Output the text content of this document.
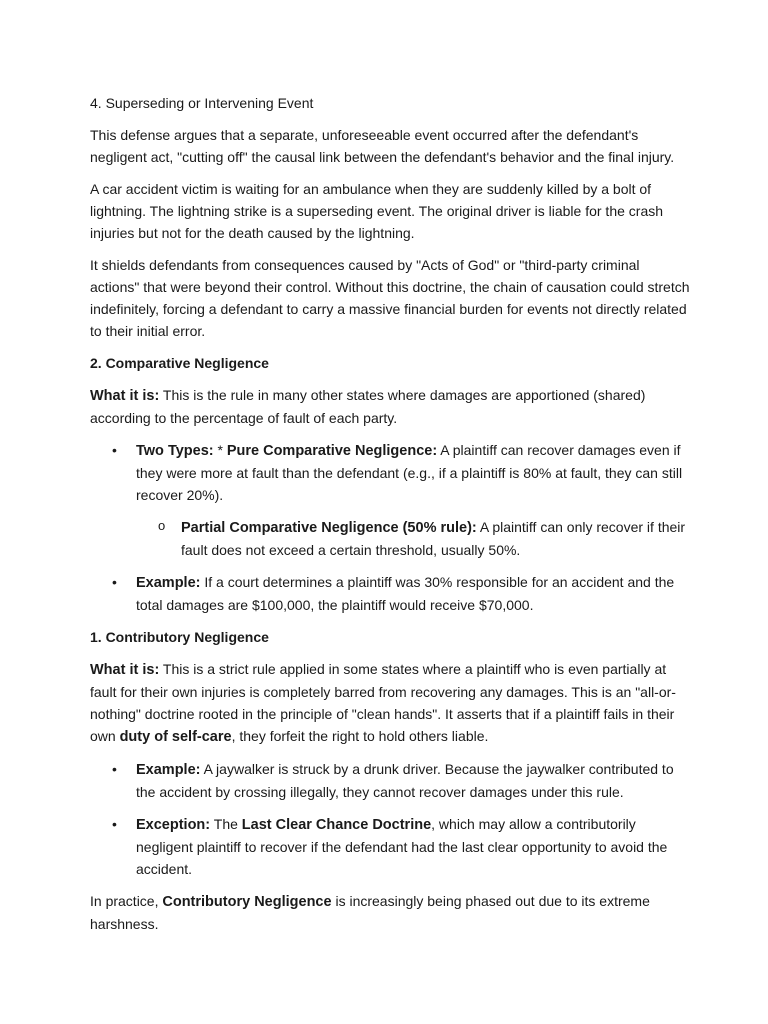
4. Superseding or Intervening Event

This defense argues that a separate, unforeseeable event occurred after the defendant's negligent act, "cutting off" the causal link between the defendant's behavior and the final injury.

A car accident victim is waiting for an ambulance when they are suddenly killed by a bolt of lightning. The lightning strike is a superseding event. The original driver is liable for the crash injuries but not for the death caused by the lightning.

It shields defendants from consequences caused by "Acts of God" or "third-party criminal actions" that were beyond their control. Without this doctrine, the chain of causation could stretch indefinitely, forcing a defendant to carry a massive financial burden for events not directly related to their initial error.

2. Comparative Negligence

What it is: This is the rule in many other states where damages are apportioned (shared) according to the percentage of fault of each party.

• Two Types: * Pure Comparative Negligence: A plaintiff can recover damages even if they were more at fault than the defendant (e.g., if a plaintiff is 80% at fault, they can still recover 20%).
o Partial Comparative Negligence (50% rule): A plaintiff can only recover if their fault does not exceed a certain threshold, usually 50%.
• Example: If a court determines a plaintiff was 30% responsible for an accident and the total damages are $100,000, the plaintiff would receive $70,000.

1. Contributory Negligence

What it is: This is a strict rule applied in some states where a plaintiff who is even partially at fault for their own injuries is completely barred from recovering any damages. This is an "all-or-nothing" doctrine rooted in the principle of "clean hands". It asserts that if a plaintiff fails in their own duty of self-care, they forfeit the right to hold others liable.

• Example: A jaywalker is struck by a drunk driver. Because the jaywalker contributed to the accident by crossing illegally, they cannot recover damages under this rule.
• Exception: The Last Clear Chance Doctrine, which may allow a contributorily negligent plaintiff to recover if the defendant had the last clear opportunity to avoid the accident.

In practice, Contributory Negligence is increasingly being phased out due to its extreme harshness.
